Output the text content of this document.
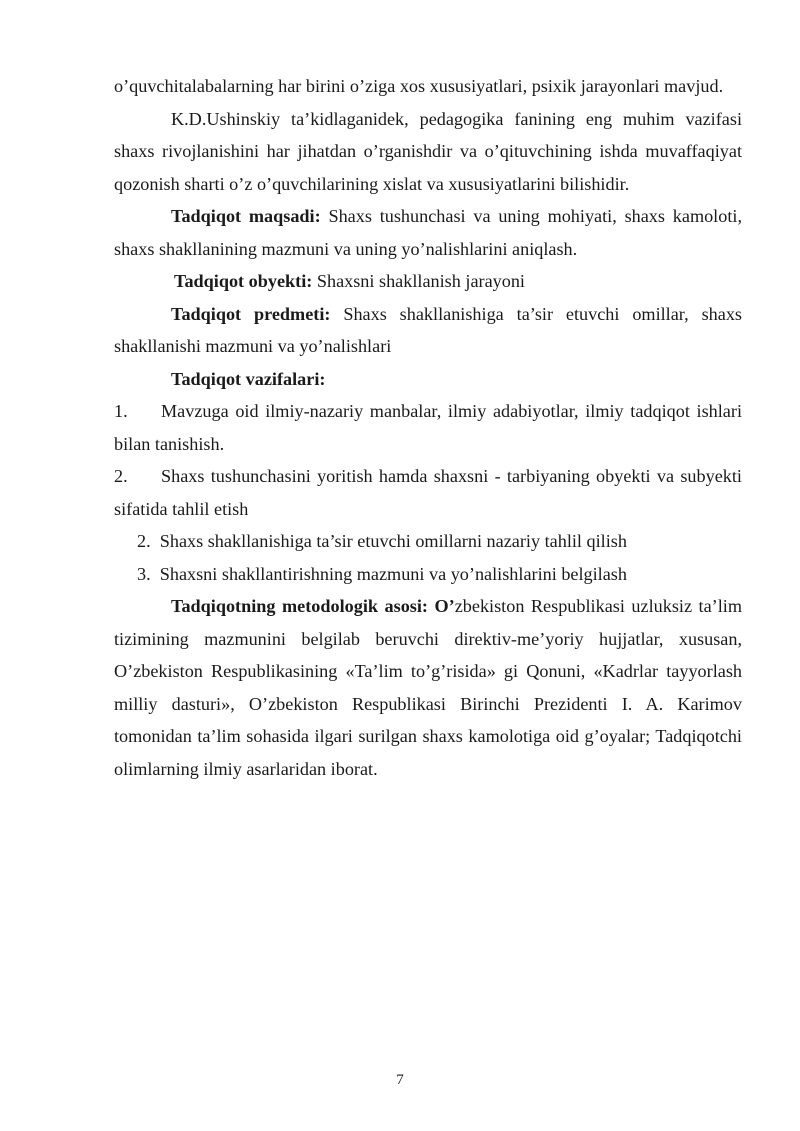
o’quvchitalabalarning har birini o’ziga xos xususiyatlari, psixik jarayonlari mavjud.

K.D.Ushinskiy ta’kidlaganidek, pedagogika fanining eng muhim vazifasi shaxs rivojlanishini har jihatdan o’rganishdir va o’qituvchining ishda muvaffaqiyat qozonish sharti o’z o’quvchilarining xislat va xususiyatlarini bilishidir.

Tadqiqot maqsadi: Shaxs tushunchasi va uning mohiyati, shaxs kamoloti, shaxs shakllanining mazmuni va uning yo’nalishlarini aniqlash.

Tadqiqot obyekti: Shaxsni shakllanish jarayoni

Tadqiqot predmeti: Shaxs shakllanishiga ta’sir etuvchi omillar, shaxs shakllanishi mazmuni va yo’nalishlari

Tadqiqot vazifalari:

1.	Mavzuga oid ilmiy-nazariy manbalar, ilmiy adabiyotlar, ilmiy tadqiqot ishlari bilan tanishish.

2.	Shaxs tushunchasini yoritish hamda shaxsni - tarbiyaning obyekti va subyekti sifatida tahlil etish

2. Shaxs shakllanishiga ta’sir etuvchi omillarni nazariy tahlil qilish

3. Shaxsni shakllantirishning mazmuni va yo’nalishlarini belgilash

Tadqiqotning metodologik asosi: O’zbekiston Respublikasi uzluksiz ta’lim tizimining mazmunini belgilab beruvchi direktiv-me’yoriy hujjatlar, xususan, O’zbekiston Respublikasining «Ta’lim to’g’risida» gi Qonuni, «Kadrlar tayyorlash milliy dasturi», O’zbekiston Respublikasi Birinchi Prezidenti I. A. Karimov tomonidan ta’lim sohasida ilgari surilgan shaxs kamolotiga oid g’oyalar; Tadqiqotchi olimlarning ilmiy asarlaridan iborat.

7
